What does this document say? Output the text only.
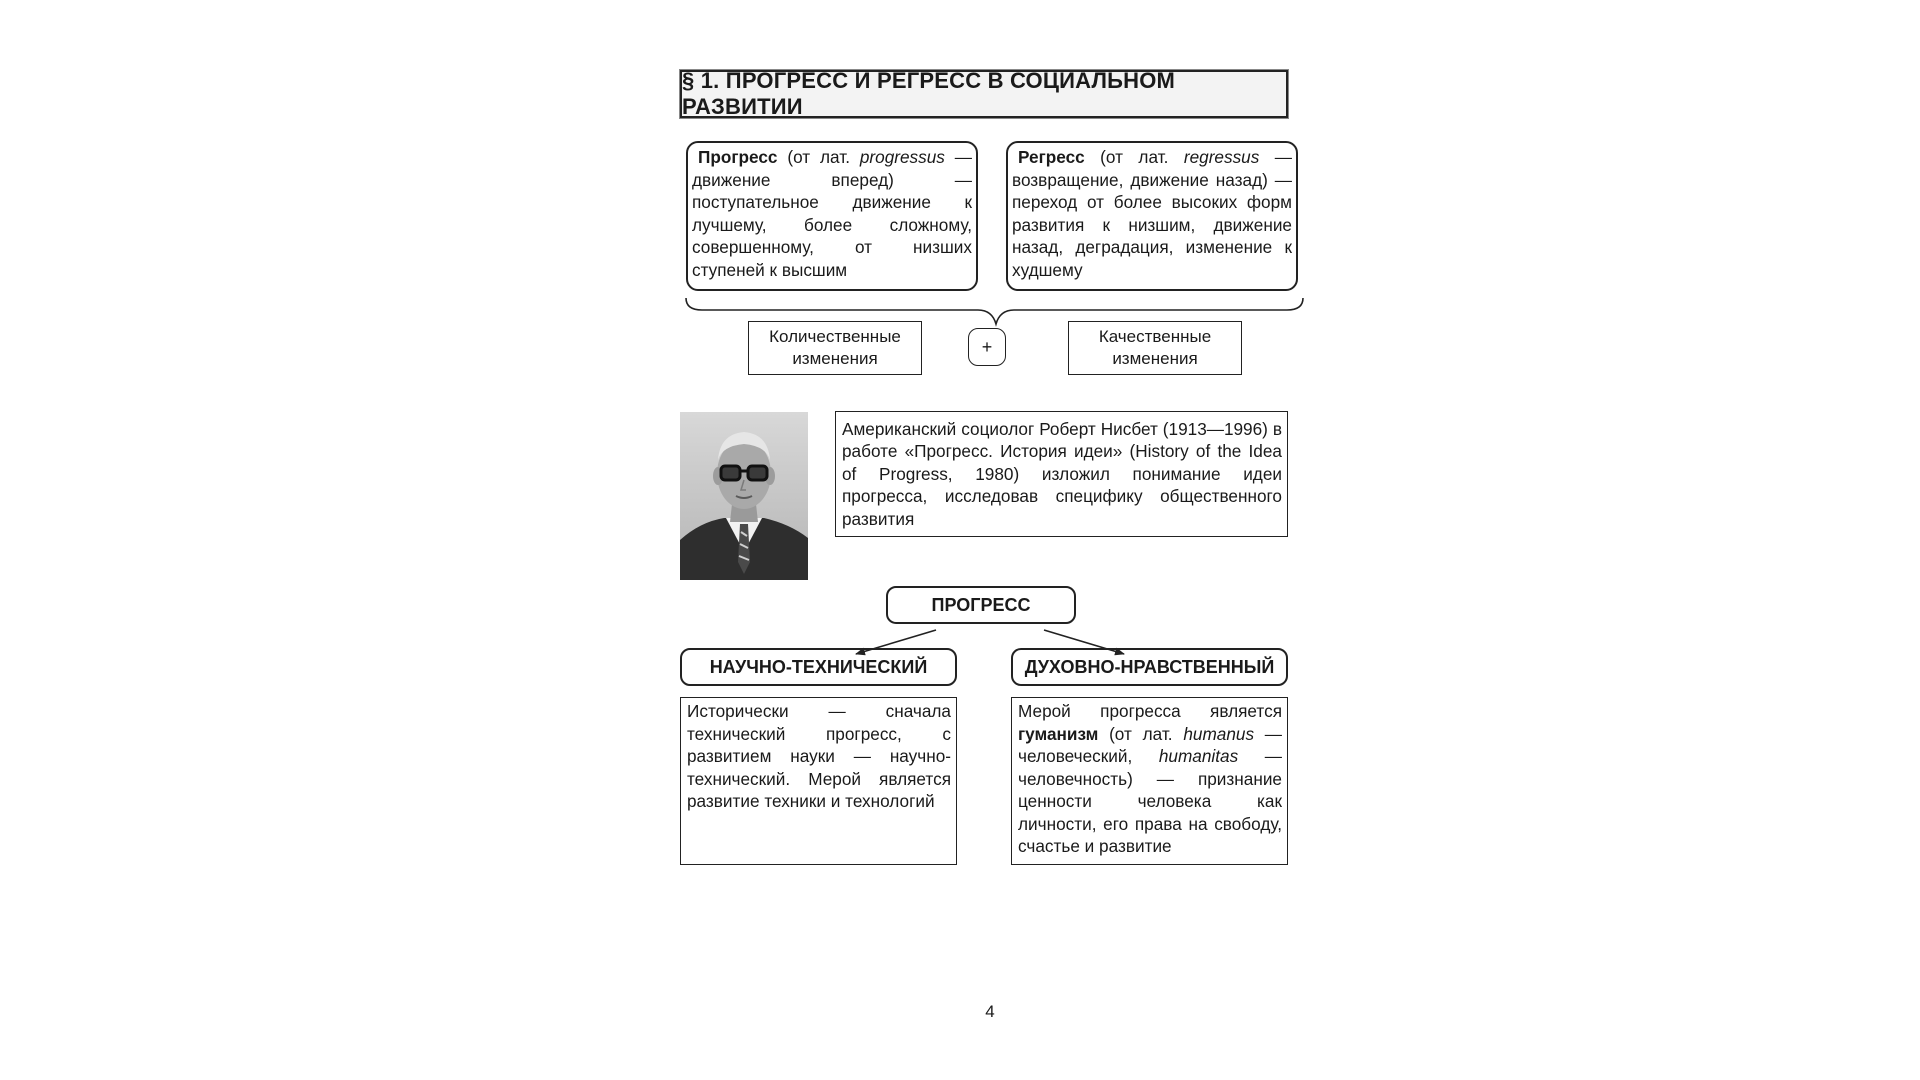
§ 1. ПРОГРЕСС И РЕГРЕСС В СОЦИАЛЬНОМ РАЗВИТИИ
Прогресс (от лат. progressus — движение вперед) — поступательное движение к лучшему, более сложному, совершенному, от низших ступеней к высшим
Регресс (от лат. regressus — возвращение, движение назад) — переход от более высоких форм развития к низшим, движение назад, деградация, изменение к худшему
Количественные изменения
+	Качественные изменения
Американский социолог Роберт Нисбет (1913—1996) в работе «Прогресс. История идеи» (History of the Idea of Progress, 1980) изложил понимание идеи прогресса, исследовав специфику общественного развития
ПРОГРЕСС
НАУЧНО-ТЕХНИЧЕСКИЙ	ДУХОВНО-НРАВСТВЕННЫЙ
Исторически — сначала технический прогресс, с развитием науки — научно-технический. Мерой является развитие техники и технологий
Мерой прогресса является гуманизм (от лат. humanus — человеческий, humanitas — человечность) — признание ценности человека как личности, его права на свободу, счастье и развитие
4
